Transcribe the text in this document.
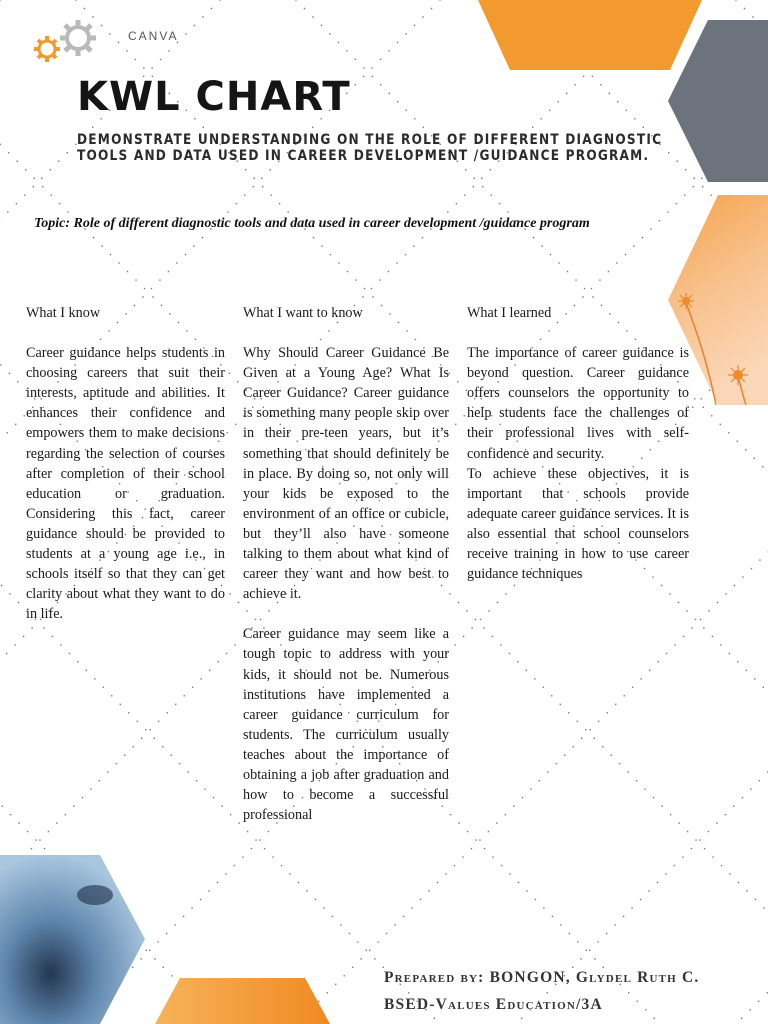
CANVA
KWL CHART
DEMONSTRATE UNDERSTANDING ON THE ROLE OF DIFFERENT DIAGNOSTIC TOOLS AND DATA USED IN CAREER DEVELOPMENT /GUIDANCE PROGRAM.
Topic: Role of different diagnostic tools and data used in career development /guidance program
What I know

Career guidance helps students in choosing careers that suit their interests, aptitude and abilities. It enhances their confidence and empowers them to make decisions regarding the selection of courses after completion of their school education or graduation. Considering this fact, career guidance should be provided to students at a young age i.e., in schools itself so that they can get clarity about what they want to do in life.

What I want to know

Why Should Career Guidance Be Given at a Young Age? What Is Career Guidance? Career guidance is something many people skip over in their pre-teen years, but it’s something that should definitely be in place. By doing so, not only will your kids be exposed to the environment of an office or cubicle, but they’ll also have someone talking to them about what kind of career they want and how best to achieve it.

Career guidance may seem like a tough topic to address with your kids, it should not be. Numerous institutions have implemented a career guidance curriculum for students. The curriculum usually teaches about the importance of obtaining a job after graduation and how to become a successful professional

What I learned

The importance of career guidance is beyond question. Career guidance offers counselors the opportunity to help students face the challenges of their professional lives with self-confidence and security.

To achieve these objectives, it is important that schools provide adequate career guidance services. It is also essential that school counselors receive training in how to use career guidance techniques

Prepared by: BONGON, Glydel Ruth C.
BSED-Values Education/3A
